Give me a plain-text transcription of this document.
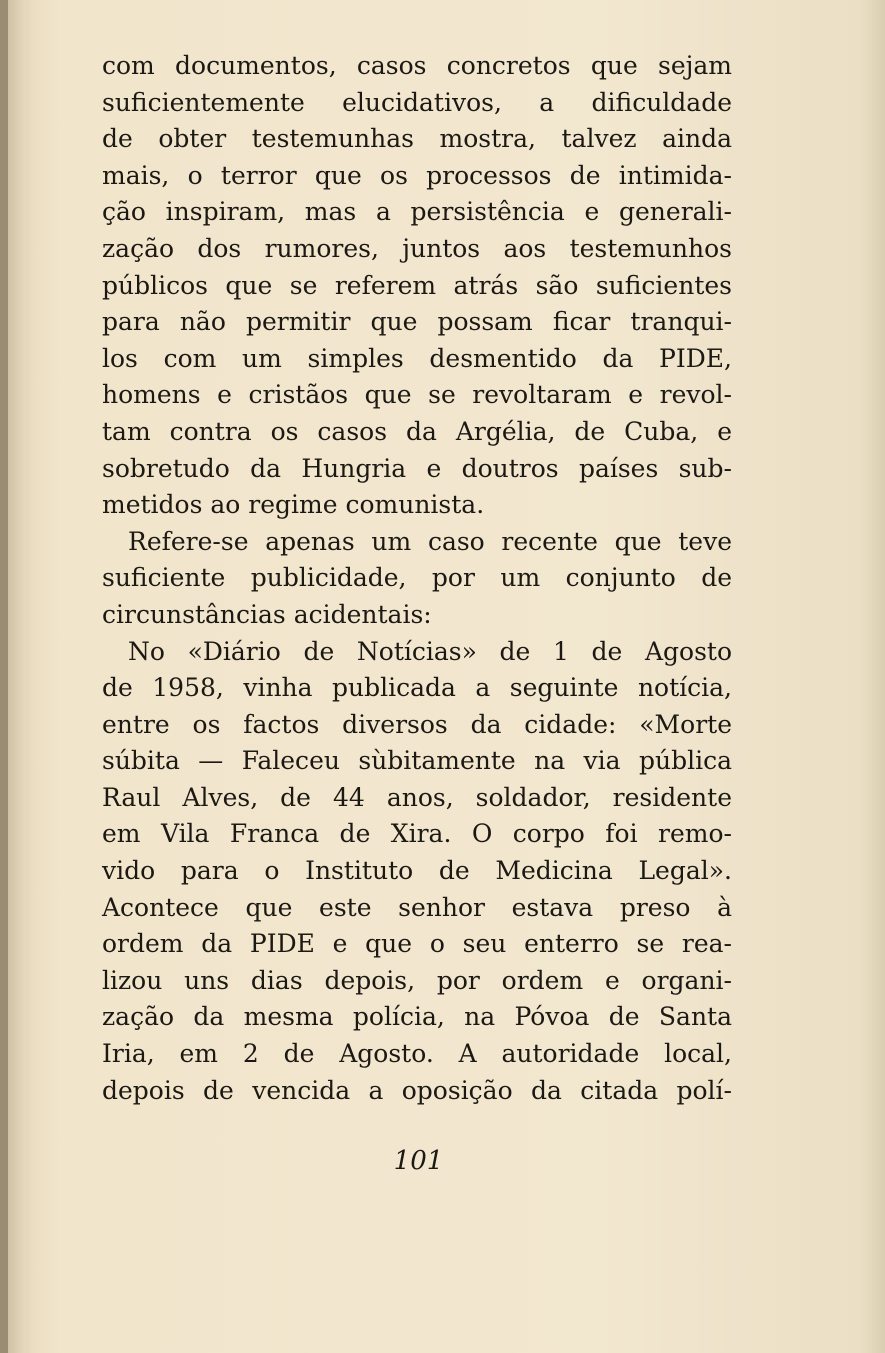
com documentos, casos concretos que sejam
suficientemente elucidativos, a dificuldade
de obter testemunhas mostra, talvez ainda
mais, o terror que os processos de intimida-
ção inspiram, mas a persistência e generali-
zação dos rumores, juntos aos testemunhos
públicos que se referem atrás são suficientes
para não permitir que possam ficar tranqui-
los com um simples desmentido da PIDE,
homens e cristãos que se revoltaram e revol-
tam contra os casos da Argélia, de Cuba, e
sobretudo da Hungria e doutros países sub-
metidos ao regime comunista.
Refere-se apenas um caso recente que teve
suficiente publicidade, por um conjunto de
circunstâncias acidentais:
No «Diário de Notícias» de 1 de Agosto
de 1958, vinha publicada a seguinte notícia,
entre os factos diversos da cidade: «Morte
súbita — Faleceu sùbitamente na via pública
Raul Alves, de 44 anos, soldador, residente
em Vila Franca de Xira. O corpo foi remo-
vido para o Instituto de Medicina Legal».
Acontece que este senhor estava preso à
ordem da PIDE e que o seu enterro se rea-
lizou uns dias depois, por ordem e organi-
zação da mesma polícia, na Póvoa de Santa
Iria, em 2 de Agosto. A autoridade local,
depois de vencida a oposição da citada polí-
101
